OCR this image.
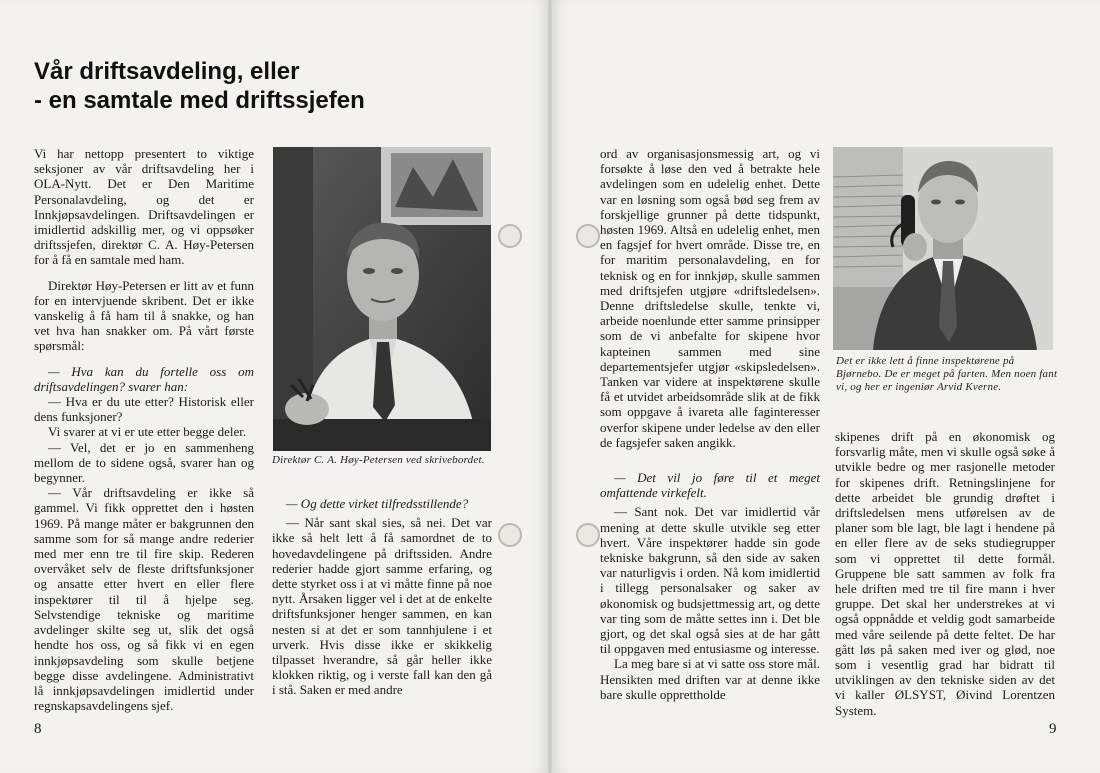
Vår driftsavdeling, eller
- en samtale med driftssjefen

Vi har nettopp presentert to viktige seksjoner av vår driftsavdeling her i OLA-Nytt. Det er Den Maritime Personalavdeling, og det er Innkjøpsavdelingen. Driftsavdelingen er imidlertid adskillig mer, og vi oppsøker driftssjefen, direktør C. A. Høy-Petersen for å få en samtale med ham.

Direktør Høy-Petersen er litt av et funn for en intervjuende skribent. Det er ikke vanskelig å få ham til å snakke, og han vet hva han snakker om. På vårt første spørsmål:

— Hva kan du fortelle oss om driftsavdelingen? svarer han:

— Hva er du ute etter? Historisk eller dens funksjoner?

Vi svarer at vi er ute etter begge deler.

— Vel, det er jo en sammenheng mellom de to sidene også, svarer han og begynner.

— Vår driftsavdeling er ikke så gammel. Vi fikk opprettet den i høsten 1969. På mange måter er bakgrunnen den samme som for så mange andre rederier med mer enn tre til fire skip. Rederen overvåket selv de fleste driftsfunksjoner og ansatte etter hvert en eller flere inspektører til til å hjelpe seg. Selvstendige tekniske og maritime avdelinger skilte seg ut, slik det også hendte hos oss, og så fikk vi en egen innkjøpsavdeling som skulle betjene begge disse avdelingene. Administrativt lå innkjøpsavdelingen imidlertid under regnskapsavdelingens sjef.

Direktør C. A. Høy-Petersen ved skrivebordet.

— Og dette virket tilfredsstillende?

— Når sant skal sies, så nei. Det var ikke så helt lett å få samordnet de to hovedavdelingene på driftssiden. Andre rederier hadde gjort samme erfaring, og dette styrket oss i at vi måtte finne på noe nytt. Årsaken ligger vel i det at de enkelte driftsfunksjoner henger sammen, en kan nesten si at det er som tannhjulene i et urverk. Hvis disse ikke er skikkelig tilpasset hverandre, så går heller ikke klokken riktig, og i verste fall kan den gå i stå. Saken er med andre

ord av organisasjonsmessig art, og vi forsøkte å løse den ved å betrakte hele avdelingen som en udelelig enhet. Dette var en løsning som også bød seg frem av forskjellige grunner på dette tidspunkt, høsten 1969. Altså en udelelig enhet, men en fagsjef for hvert område. Disse tre, en for maritim personalavdeling, en for teknisk og en for innkjøp, skulle sammen med driftsjefen utgjøre «driftsledelsen». Denne driftsledelse skulle, tenkte vi, arbeide noenlunde etter samme prinsipper som de vi anbefalte for skipene hvor kapteinen sammen med sine departementsjefer utgjør «skipsledelsen». Tanken var videre at inspektørene skulle få et utvidet arbeidsområde slik at de fikk som oppgave å ivareta alle faginteresser overfor skipene under ledelse av den eller de fagsjefer saken angikk.

— Det vil jo føre til et meget omfattende virkefelt.

— Sant nok. Det var imidlertid vår mening at dette skulle utvikle seg etter hvert. Våre inspektører hadde sin gode tekniske bakgrunn, så den side av saken var naturligvis i orden. Nå kom imidlertid i tillegg personalsaker og saker av økonomisk og budsjettmessig art, og dette var ting som de måtte settes inn i. Det ble gjort, og det skal også sies at de har gått til oppgaven med entusiasme og interesse.

La meg bare si at vi satte oss store mål. Hensikten med driften var at denne ikke bare skulle opprettholde

Det er ikke lett å finne inspektørene på Bjørnebo. De er meget på farten. Men noen fant vi, og her er ingeniør Arvid Kverne.

skipenes drift på en økonomisk og forsvarlig måte, men vi skulle også søke å utvikle bedre og mer rasjonelle metoder for skipenes drift. Retningslinjene for dette arbeidet ble grundig drøftet i driftsledelsen mens utførelsen av de planer som ble lagt, ble lagt i hendene på en eller flere av de seks studiegrupper som vi opprettet til dette formål. Gruppene ble satt sammen av folk fra hele driften med tre til fire mann i hver gruppe. Det skal her understrekes at vi også oppnådde et veldig godt samarbeide med våre seilende på dette feltet. De har gått løs på saken med iver og glød, noe som i vesentlig grad har bidratt til utviklingen av den tekniske siden av det vi kaller ØLSYST, Øivind Lorentzen System.

8	9
